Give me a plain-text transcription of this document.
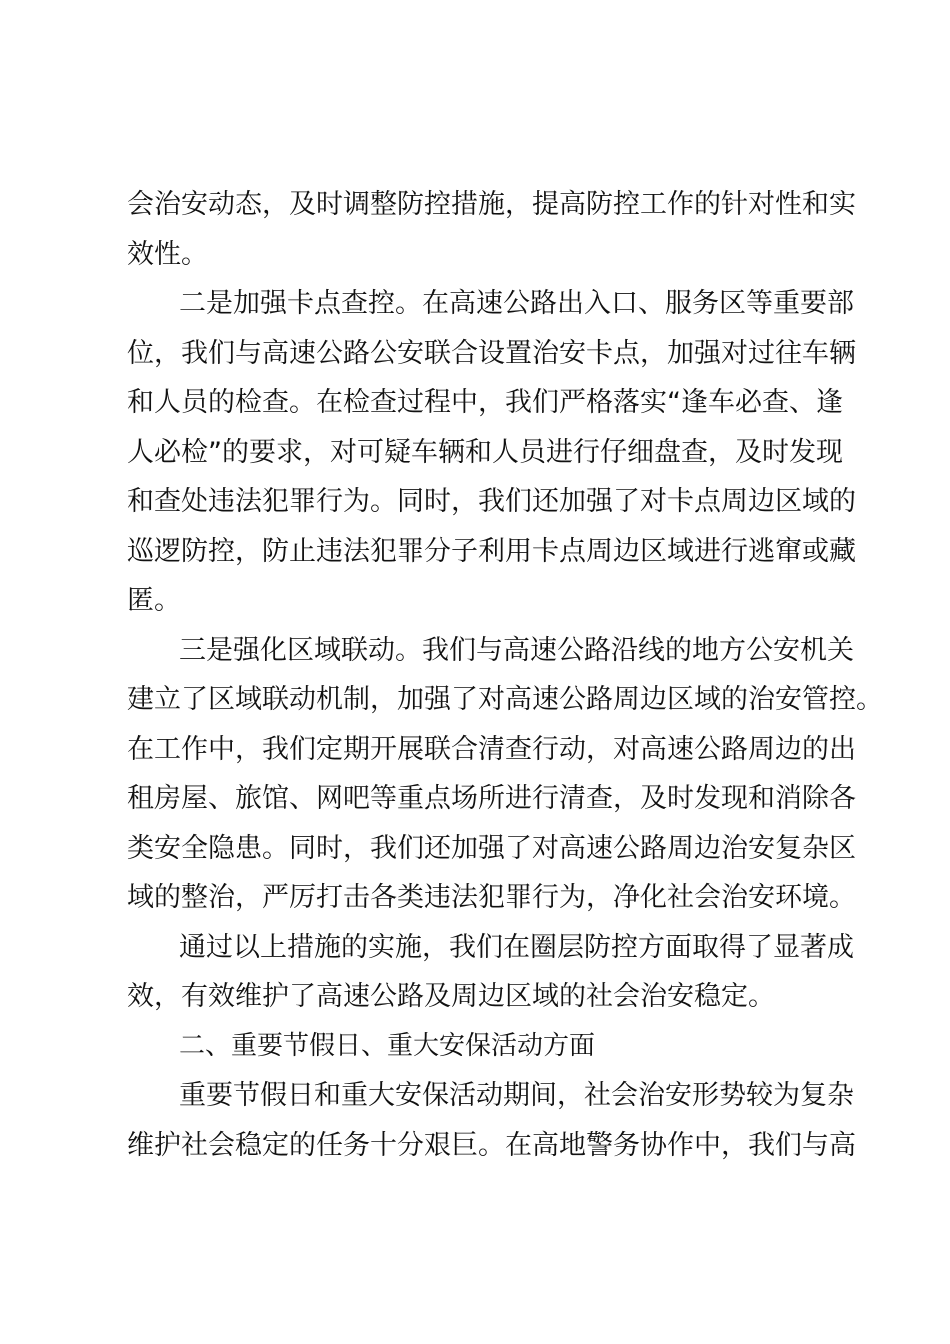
会治安动态，及时调整防控措施，提高防控工作的针对性和实
效性。
二是加强卡点查控。在高速公路出入口、服务区等重要部
位，我们与高速公路公安联合设置治安卡点，加强对过往车辆
和人员的检查。在检查过程中，我们严格落实“逢车必查、逢
人必检”的要求，对可疑车辆和人员进行仔细盘查，及时发现
和查处违法犯罪行为。同时，我们还加强了对卡点周边区域的
巡逻防控，防止违法犯罪分子利用卡点周边区域进行逃窜或藏
匿。
三是强化区域联动。我们与高速公路沿线的地方公安机关
建立了区域联动机制，加强了对高速公路周边区域的治安管控。
在工作中，我们定期开展联合清查行动，对高速公路周边的出
租房屋、旅馆、网吧等重点场所进行清查，及时发现和消除各
类安全隐患。同时，我们还加强了对高速公路周边治安复杂区
域的整治，严厉打击各类违法犯罪行为，净化社会治安环境。
通过以上措施的实施，我们在圈层防控方面取得了显著成
效，有效维护了高速公路及周边区域的社会治安稳定。
二、重要节假日、重大安保活动方面
重要节假日和重大安保活动期间，社会治安形势较为复杂
维护社会稳定的任务十分艰巨。在高地警务协作中，我们与高
